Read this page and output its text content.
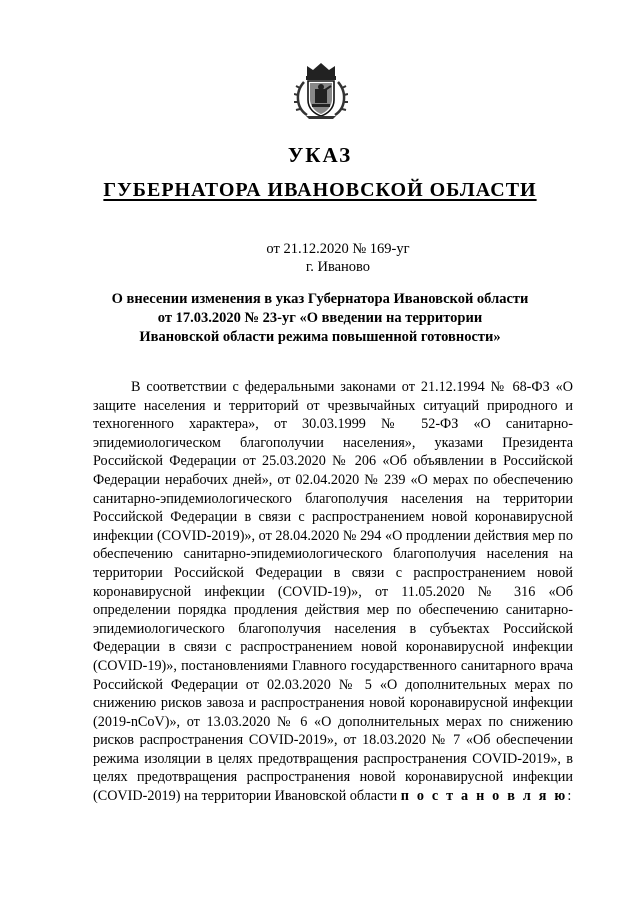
УКАЗ
ГУБЕРНАТОРА ИВАНОВСКОЙ ОБЛАСТИ
от 21.12.2020 № 169-уг
г. Иваново
О внесении изменения в указ Губернатора Ивановской области
от 17.03.2020 № 23-уг «О введении на территории
Ивановской области режима повышенной готовности»

В соответствии с федеральными законами от 21.12.1994 № 68-ФЗ «О защите населения и территорий от чрезвычайных ситуаций природного и техногенного характера», от 30.03.1999 № 52-ФЗ «О санитарно-эпидемиологическом благополучии населения», указами Президента Российской Федерации от 25.03.2020 № 206 «Об объявлении в Российской Федерации нерабочих дней», от 02.04.2020 № 239 «О мерах по обеспечению санитарно-эпидемиологического благополучия населения на территории Российской Федерации в связи с распространением новой коронавирусной инфекции (COVID-2019)», от 28.04.2020 № 294 «О продлении действия мер по обеспечению санитарно-эпидемиологического благополучия населения на территории Российской Федерации в связи с распространением новой коронавирусной инфекции (COVID-19)», от 11.05.2020 № 316 «Об определении порядка продления действия мер по обеспечению санитарно-эпидемиологического благополучия населения в субъектах Российской Федерации в связи с распространением новой коронавирусной инфекции (COVID-19)», постановлениями Главного государственного санитарного врача Российской Федерации от 02.03.2020 № 5 «О дополнительных мерах по снижению рисков завоза и распространения новой коронавирусной инфекции (2019-nCoV)», от 13.03.2020 № 6 «О дополнительных мерах по снижению рисков распространения COVID-2019», от 18.03.2020 № 7 «Об обеспечении режима изоляции в целях предотвращения распространения COVID-2019», в целях предотвращения распространения новой коронавирусной инфекции (COVID-2019) на территории Ивановской области п о с т а н о в л я ю:
